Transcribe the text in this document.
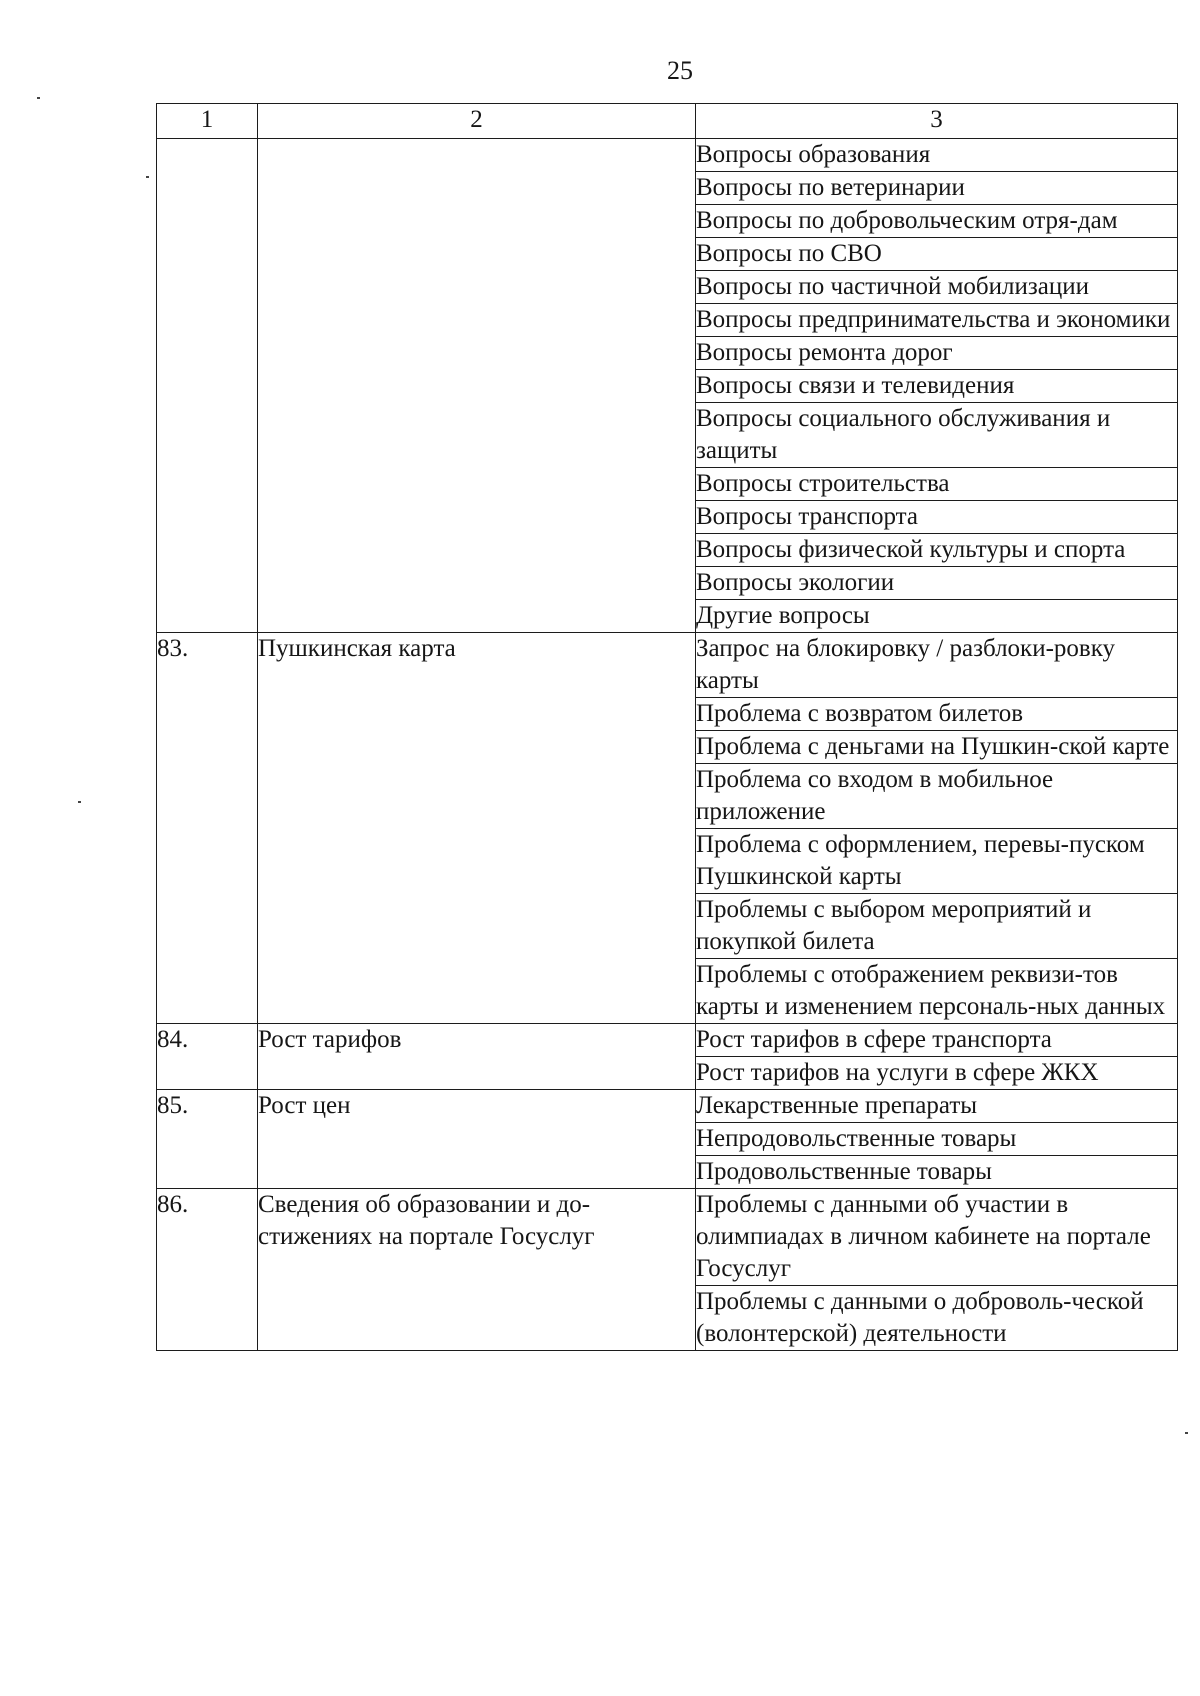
25
1	2	3
		Вопросы образования
		Вопросы по ветеринарии
		Вопросы по добровольческим отря-дам
		Вопросы по СВО
		Вопросы по частичной мобилизации
		Вопросы предпринимательства и экономики
		Вопросы ремонта дорог
		Вопросы связи и телевидения
		Вопросы социального обслуживания и защиты
		Вопросы строительства
		Вопросы транспорта
		Вопросы физической культуры и спорта
		Вопросы экологии
		Другие вопросы
83.	Пушкинская карта	Запрос на блокировку / разблоки-ровку карты
		Проблема с возвратом билетов
		Проблема с деньгами на Пушкин-ской карте
		Проблема со входом в мобильное приложение
		Проблема с оформлением, перевы-пуском Пушкинской карты
		Проблемы с выбором мероприятий и покупкой билета
		Проблемы с отображением реквизи-тов карты и изменением персональ-ных данных
84.	Рост тарифов	Рост тарифов в сфере транспорта
		Рост тарифов на услуги в сфере ЖКХ
85.	Рост цен	Лекарственные препараты
		Непродовольственные товары
		Продовольственные товары
86.	Сведения об образовании и до-стижениях на портале Госуслуг	Проблемы с данными об участии в олимпиадах в личном кабинете на портале Госуслуг
		Проблемы с данными о доброволь-ческой (волонтерской) деятельности
